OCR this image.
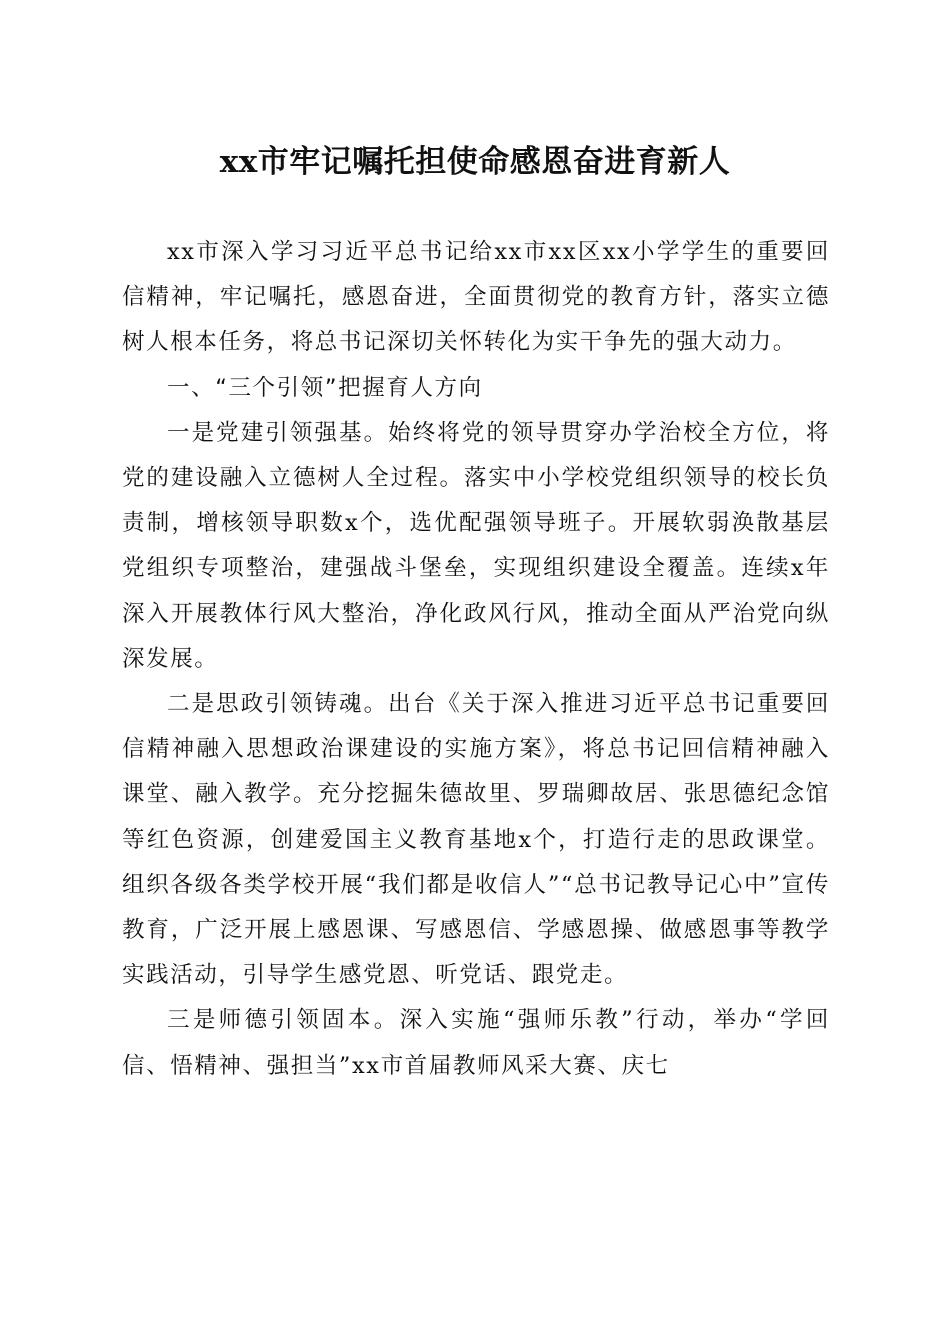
xx市牢记嘱托担使命感恩奋进育新人

xx市深入学习习近平总书记给xx市xx区xx小学学生的重要回信精神，牢记嘱托，感恩奋进，全面贯彻党的教育方针，落实立德树人根本任务，将总书记深切关怀转化为实干争先的强大动力。

一、“三个引领”把握育人方向

一是党建引领强基。始终将党的领导贯穿办学治校全方位，将党的建设融入立德树人全过程。落实中小学校党组织领导的校长负责制，增核领导职数x个，选优配强领导班子。开展软弱涣散基层党组织专项整治，建强战斗堡垒，实现组织建设全覆盖。连续x年深入开展教体行风大整治，净化政风行风，推动全面从严治党向纵深发展。

二是思政引领铸魂。出台《关于深入推进习近平总书记重要回信精神融入思想政治课建设的实施方案》，将总书记回信精神融入课堂、融入教学。充分挖掘朱德故里、罗瑞卿故居、张思德纪念馆等红色资源，创建爱国主义教育基地x个，打造行走的思政课堂。组织各级各类学校开展“我们都是收信人”“总书记教导记心中”宣传教育，广泛开展上感恩课、写感恩信、学感恩操、做感恩事等教学实践活动，引导学生感党恩、听党话、跟党走。

三是师德引领固本。深入实施“强师乐教”行动，举办“学回信、悟精神、强担当”xx市首届教师风采大赛、庆七
